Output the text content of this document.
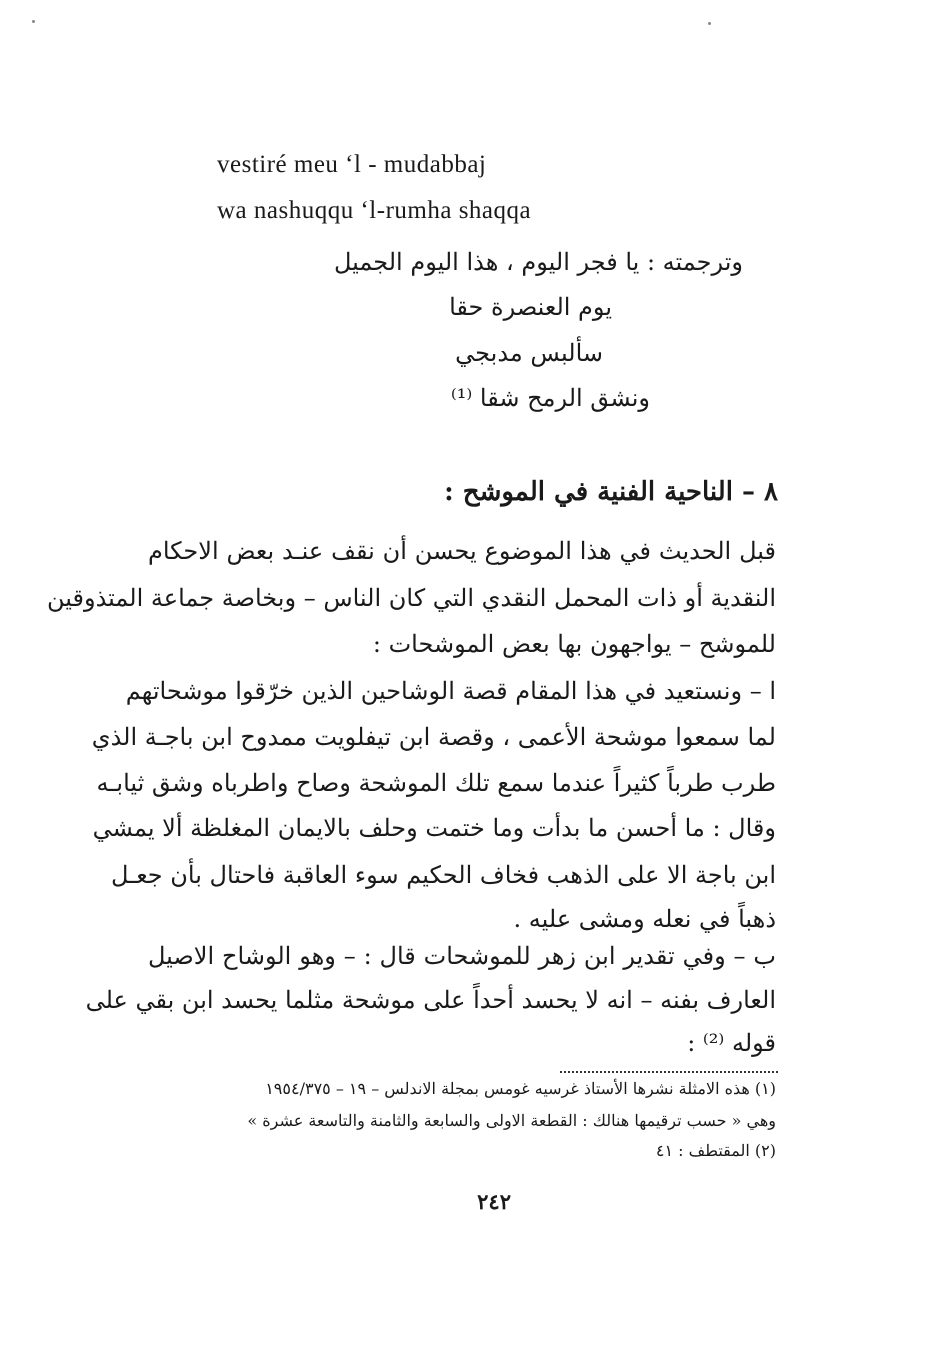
vestiré meu ‘l - mudabbaj
wa nashuqqu ‘l-rumha shaqqa
وترجمته : يا فجر اليوم ، هذا اليوم الجميل
يوم العنصرة حقا
سألبس مدبجي
ونشق الرمح شقا ⁽¹⁾
٨ – الناحية الفنية في الموشح :
قبل الحديث في هذا الموضوع يحسن أن نقف عنـد بعض الاحكام
النقدية أو ذات المحمل النقدي التي كان الناس – وبخاصة جماعة المتذوقين
للموشح – يواجهون بها بعض الموشحات :
ا – ونستعيد في هذا المقام قصة الوشاحين الذين خرّقوا موشحاتهم
لما سمعوا موشحة الأعمى ، وقصة ابن تيفلويت ممدوح ابن باجـة الذي
طرب طرباً كثيراً عندما سمع تلك الموشحة وصاح واطرباه وشق ثيابـه
وقال : ما أحسن ما بدأت وما ختمت وحلف بالايمان المغلظة ألا يمشي
ابن باجة الا على الذهب فخاف الحكيم سوء العاقبة فاحتال بأن جعـل
ذهباً في نعله ومشى عليه .
ب – وفي تقدير ابن زهر للموشحات قال : – وهو الوشاح الاصيل
العارف بفنه – انه لا يحسد أحداً على موشحة مثلما يحسد ابن بقي على
قوله ⁽²⁾ :
(١) هذه الامثلة نشرها الأستاذ غرسيه غومس بمجلة الاندلس – ١٩ – ١٩٥٤/٣٧٥
وهي « حسب ترقيمها هنالك : القطعة الاولى والسابعة والثامنة والتاسعة عشرة »
(٢) المقتطف : ٤١
٢٤٢
